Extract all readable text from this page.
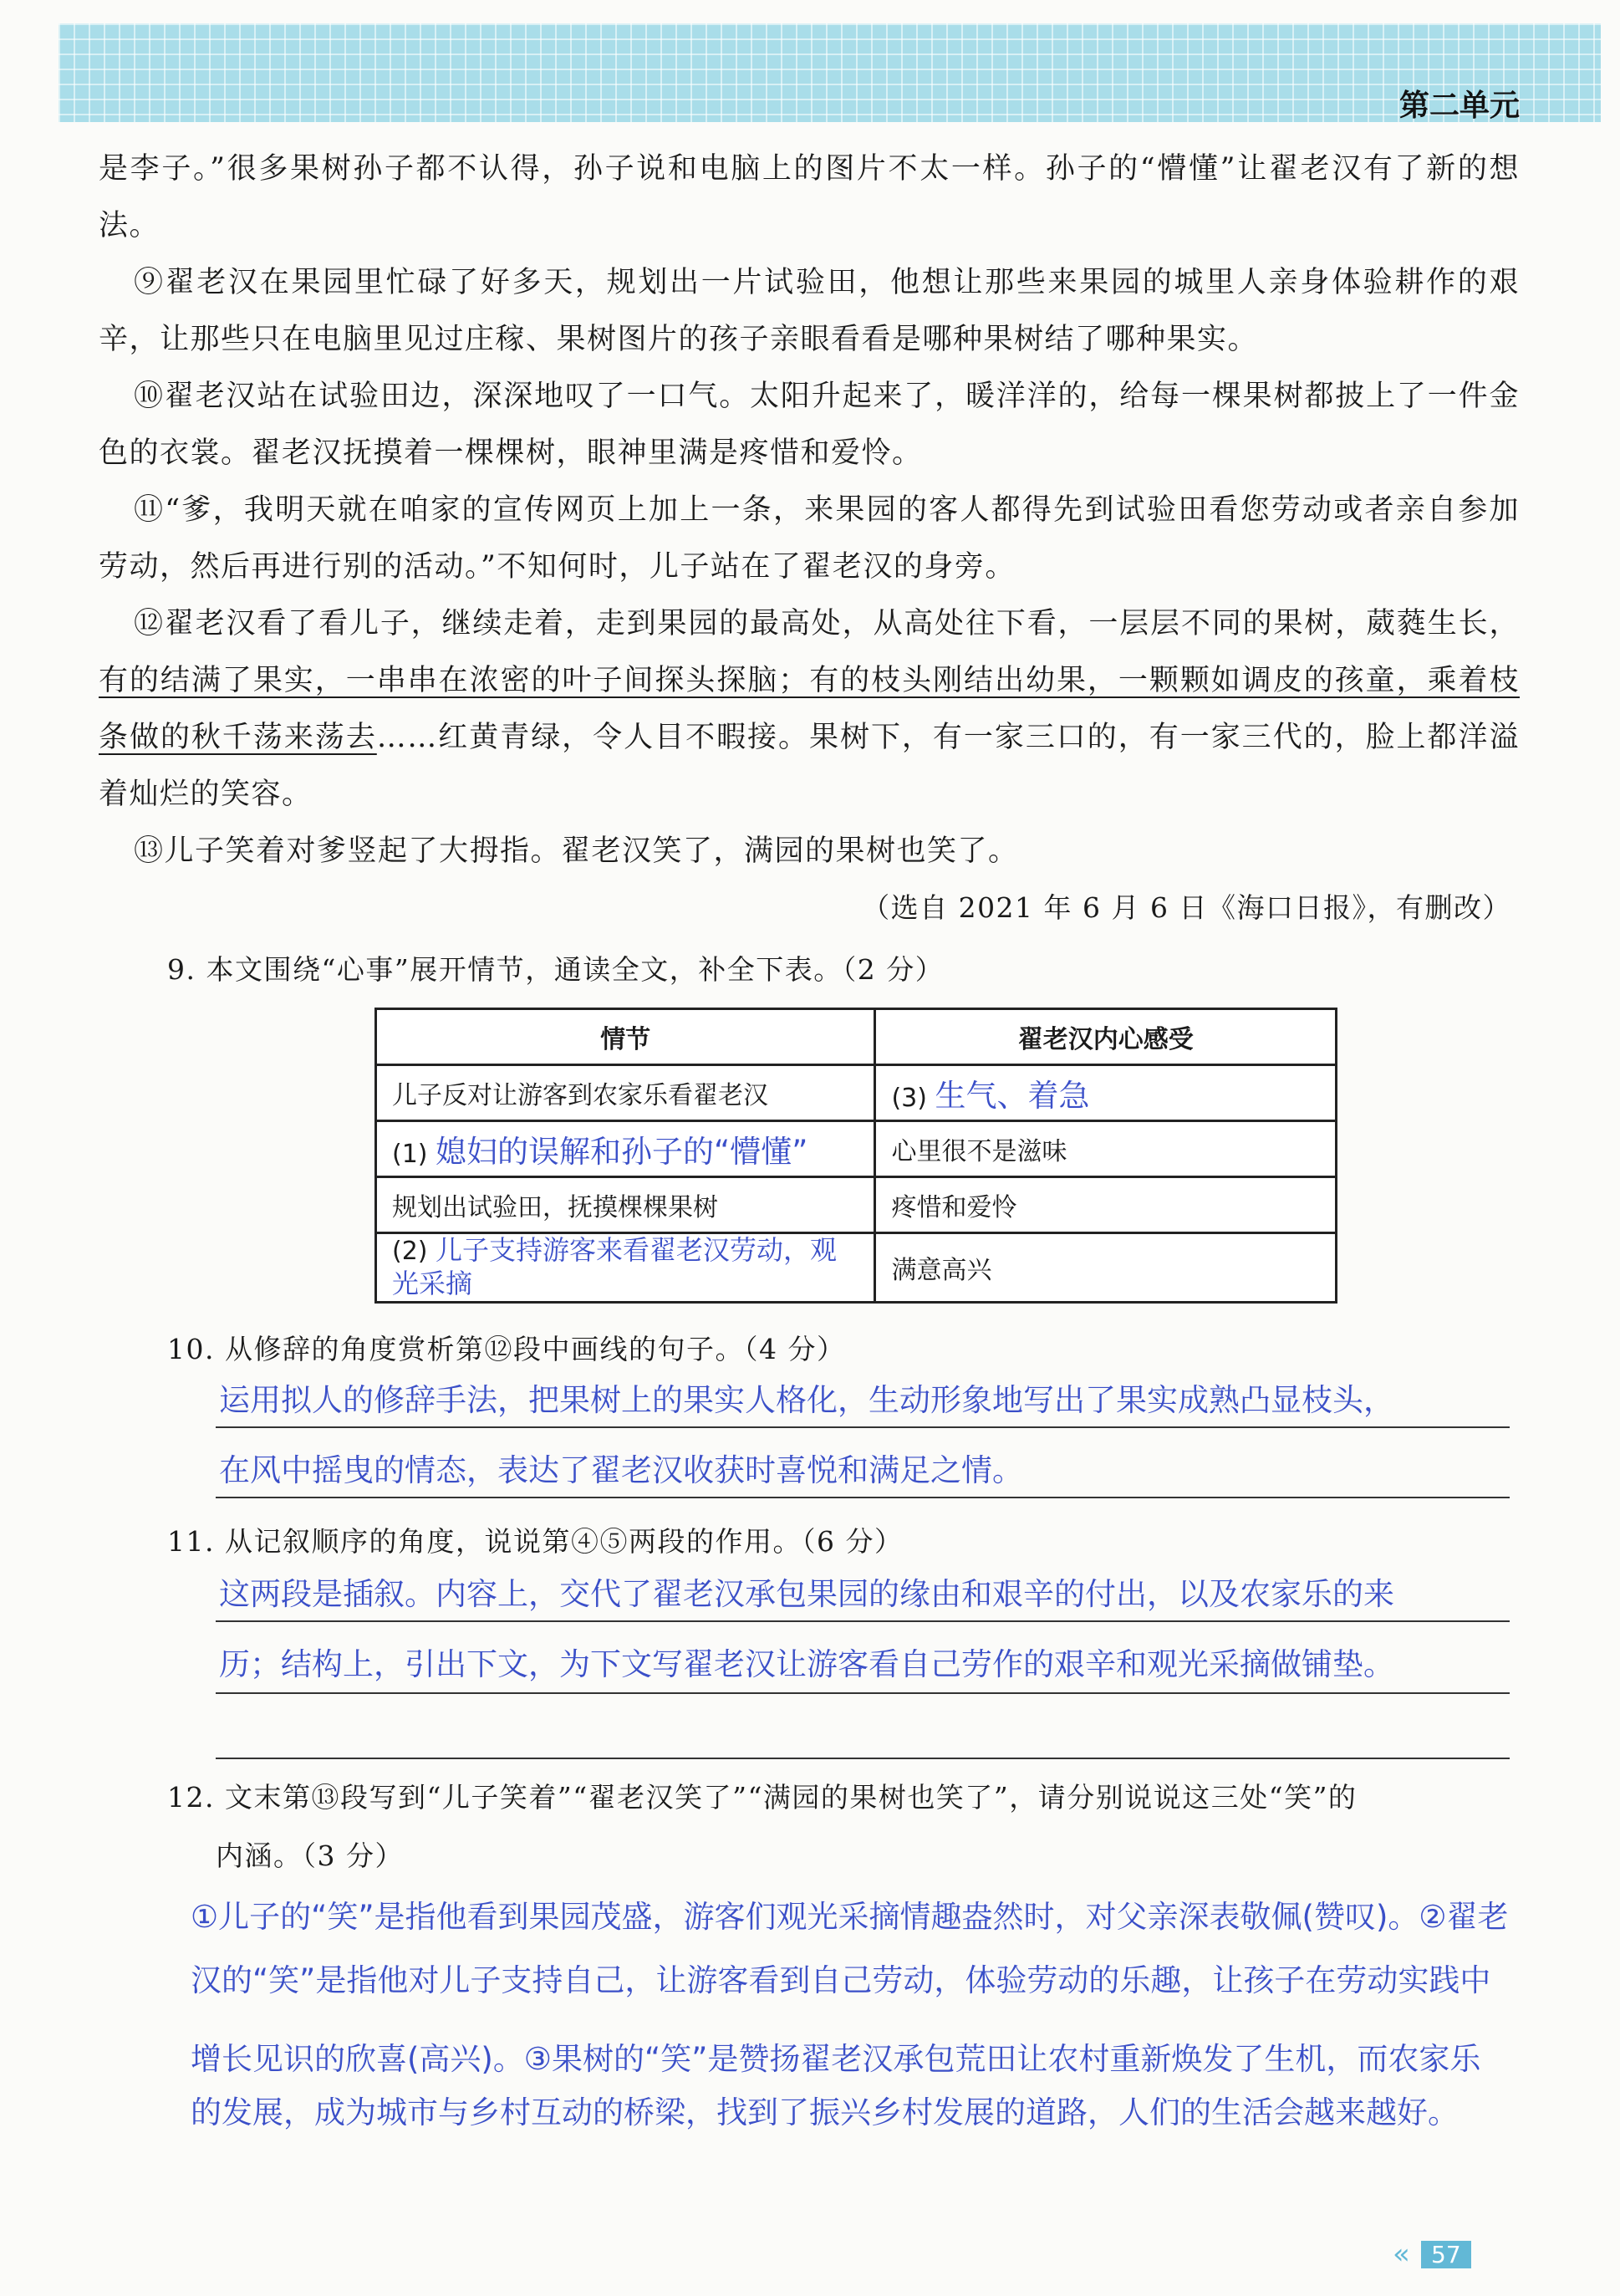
第二单元

是李子。”很多果树孙子都不认得，孙子说和电脑上的图片不太一样。孙子的“懵懂”让翟老汉有了新的想法。

⑨翟老汉在果园里忙碌了好多天，规划出一片试验田，他想让那些来果园的城里人亲身体验耕作的艰辛，让那些只在电脑里见过庄稼、果树图片的孩子亲眼看看是哪种果树结了哪种果实。

⑩翟老汉站在试验田边，深深地叹了一口气。太阳升起来了，暖洋洋的，给每一棵果树都披上了一件金色的衣裳。翟老汉抚摸着一棵棵树，眼神里满是疼惜和爱怜。

⑪“爹，我明天就在咱家的宣传网页上加上一条，来果园的客人都得先到试验田看您劳动或者亲自参加劳动，然后再进行别的活动。”不知何时，儿子站在了翟老汉的身旁。

⑫翟老汉看了看儿子，继续走着，走到果园的最高处，从高处往下看，一层层不同的果树，葳蕤生长，有的结满了果实，一串串在浓密的叶子间探头探脑；有的枝头刚结出幼果，一颗颗如调皮的孩童，乘着枝条做的秋千荡来荡去……红黄青绿，令人目不暇接。果树下，有一家三口的，有一家三代的，脸上都洋溢着灿烂的笑容。

⑬儿子笑着对爹竖起了大拇指。翟老汉笑了，满园的果树也笑了。

（选自 2021 年 6 月 6 日《海口日报》，有删改）
9. 本文围绕“心事”展开情节，通读全文，补全下表。（2 分）
情节	翟老汉内心感受
儿子反对让游客到农家乐看翟老汉	(3) 生气、着急
(1) 媳妇的误解和孙子的“懵懂”	心里很不是滋味
规划出试验田，抚摸棵棵果树	疼惜和爱怜
(2) 儿子支持游客来看翟老汉劳动，观光采摘	满意高兴
10. 从修辞的角度赏析第⑫段中画线的句子。（4 分）
运用拟人的修辞手法，把果树上的果实人格化，生动形象地写出了果实成熟凸显枝头，
在风中摇曳的情态，表达了翟老汉收获时喜悦和满足之情。
11. 从记叙顺序的角度，说说第④⑤两段的作用。（6 分）
这两段是插叙。内容上，交代了翟老汉承包果园的缘由和艰辛的付出，以及农家乐的来
历；结构上，引出下文，为下文写翟老汉让游客看自己劳作的艰辛和观光采摘做铺垫。
12. 文末第⑬段写到“儿子笑着”“翟老汉笑了”“满园的果树也笑了”，请分别说说这三处“笑”的
内涵。（3 分）
①儿子的“笑”是指他看到果园茂盛，游客们观光采摘情趣盎然时，对父亲深表敬佩(赞叹)。②翟老
汉的“笑”是指他对儿子支持自己，让游客看到自己劳动，体验劳动的乐趣，让孩子在劳动实践中
增长见识的欣喜(高兴)。③果树的“笑”是赞扬翟老汉承包荒田让农村重新焕发了生机，而农家乐
的发展，成为城市与乡村互动的桥梁，找到了振兴乡村发展的道路，人们的生活会越来越好。
« 57
